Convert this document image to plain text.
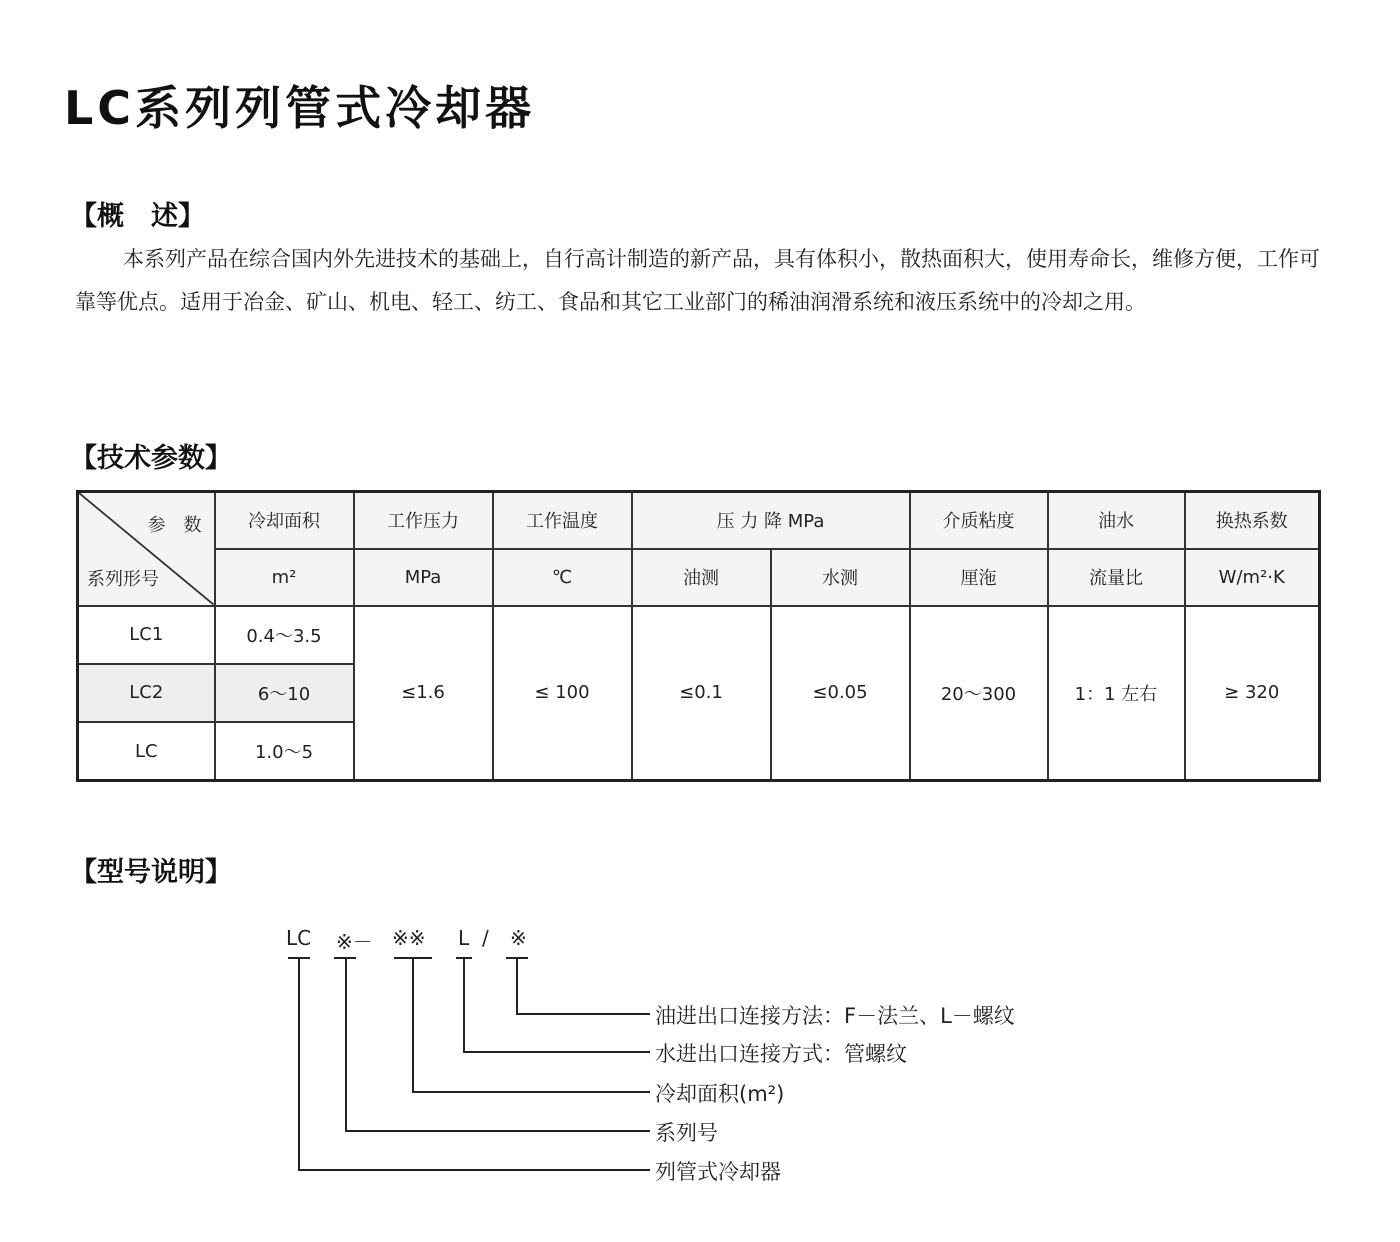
LC系列列管式冷却器
【概　述】
本系列产品在综合国内外先进技术的基础上，自行高计制造的新产品，具有体积小，散热面积大，使用寿命长，维修方便，工作可靠等优点。适用于冶金、矿山、机电、轻工、纺工、食品和其它工业部门的稀油润滑系统和液压系统中的冷却之用。
【技术参数】
参　数
系列形号	冷却面积	工作压力	工作温度	压 力 降 MPa		介质粘度	油水	换热系数
	m²	MPa	℃	油测	水测	厘沲	流量比	W/m²·K
LC1	0.4～3.5	≤1.6	≤ 100	≤0.1	≤0.05	20～300	1：1 左右	≥ 320
LC2	6～10							
LC	1.0～5							
【型号说明】
LC ※－ ※※ L / ※
油进出口连接方法：F－法兰、L－螺纹
水进出口连接方式：管螺纹
冷却面积(m²)
系列号
列管式冷却器
